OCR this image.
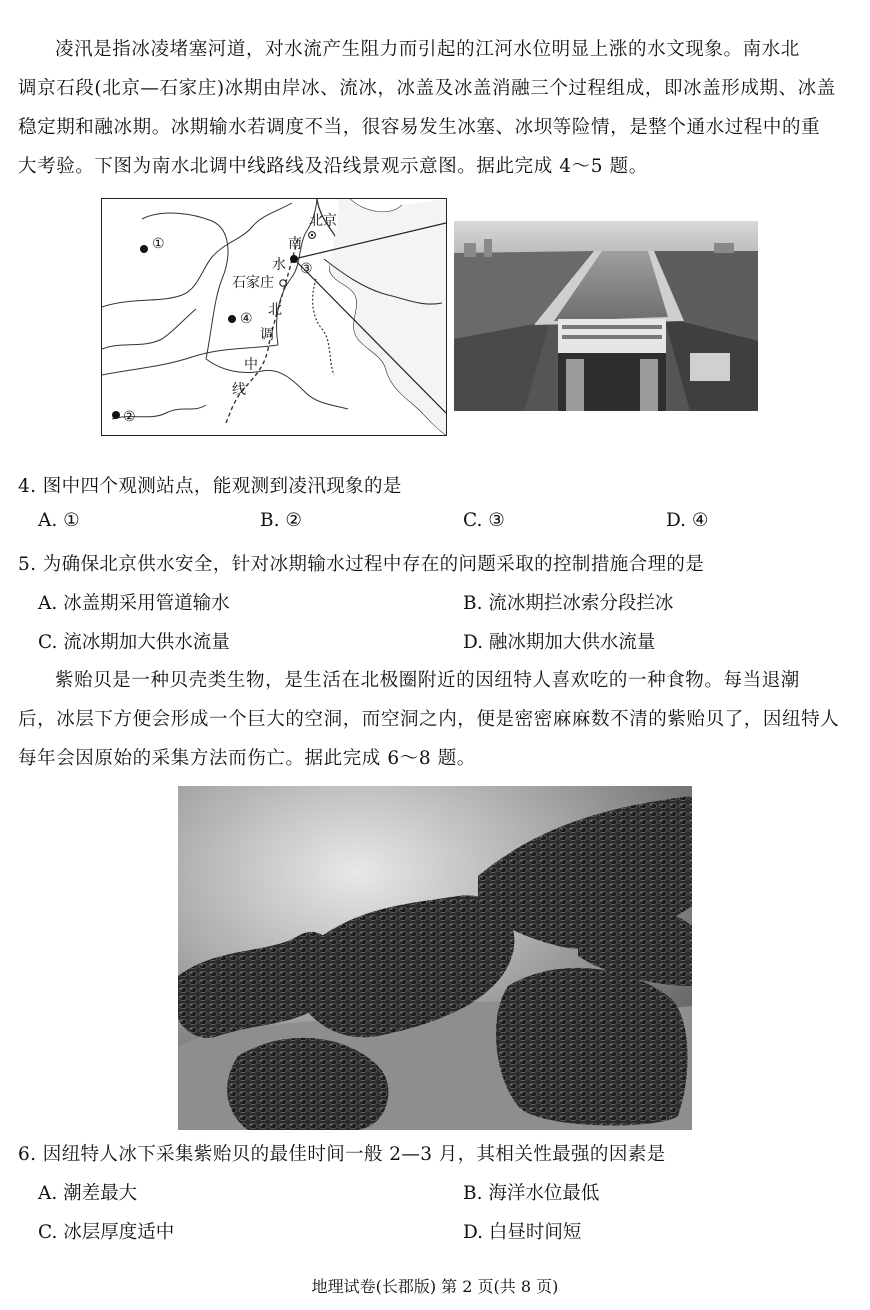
凌汛是指冰凌堵塞河道，对水流产生阻力而引起的江河水位明显上涨的水文现象。南水北
调京石段(北京—石家庄)冰期由岸冰、流冰，冰盖及冰盖消融三个过程组成，即冰盖形成期、冰盖
稳定期和融冰期。冰期输水若调度不当，很容易发生冰塞、冰坝等险情，是整个通水过程中的重
大考验。下图为南水北调中线路线及沿线景观示意图。据此完成 4～5 题。
①
④
②
③
北京
石家庄
南
水
北
调
中
线
4. 图中四个观测站点，能观测到凌汛现象的是
A. ①	B. ②	C. ③	D. ④
5. 为确保北京供水安全，针对冰期输水过程中存在的问题采取的控制措施合理的是
A. 冰盖期采用管道输水	B. 流冰期拦冰索分段拦冰
C. 流冰期加大供水流量	D. 融冰期加大供水流量
紫贻贝是一种贝壳类生物，是生活在北极圈附近的因纽特人喜欢吃的一种食物。每当退潮
后，冰层下方便会形成一个巨大的空洞，而空洞之内，便是密密麻麻数不清的紫贻贝了，因纽特人
每年会因原始的采集方法而伤亡。据此完成 6～8 题。
6. 因纽特人冰下采集紫贻贝的最佳时间一般 2—3 月，其相关性最强的因素是
A. 潮差最大	B. 海洋水位最低
C. 冰层厚度适中	D. 白昼时间短
地理试卷(长郡版) 第 2 页(共 8 页)
